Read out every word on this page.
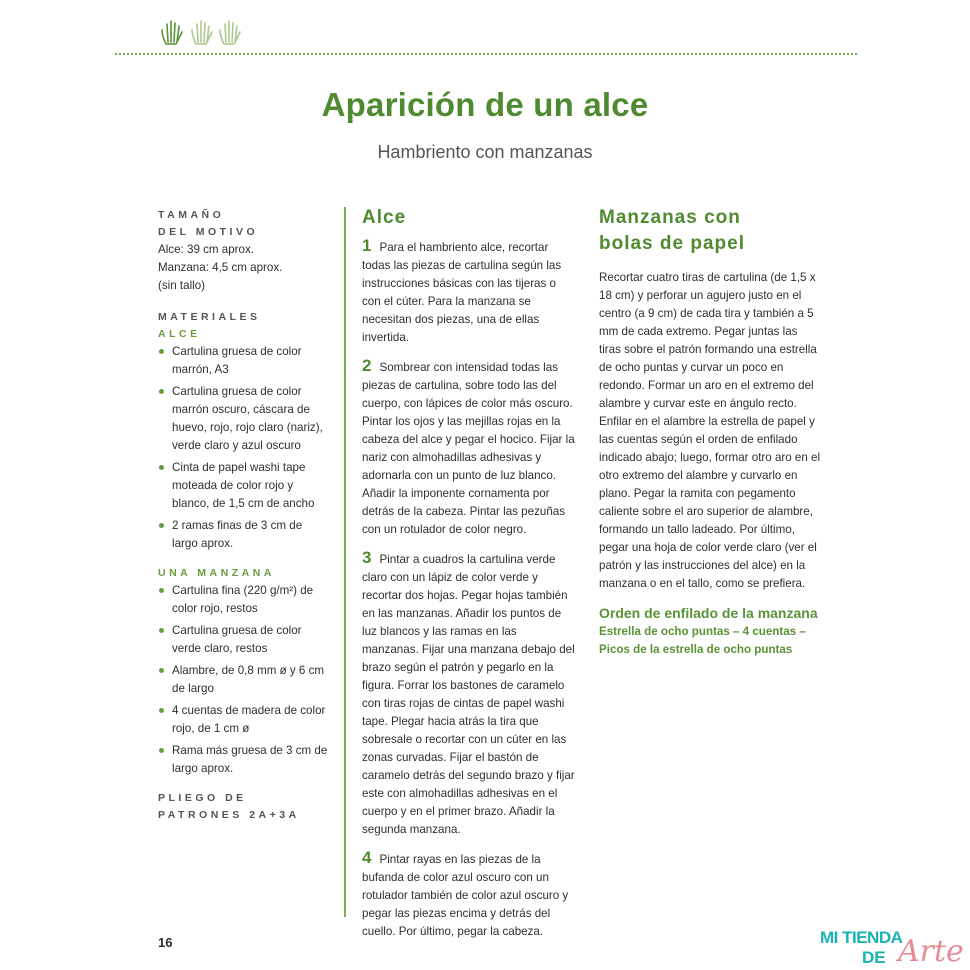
Aparición de un alce
Hambriento con manzanas
TAMAÑO
DEL MOTIVO
Alce: 39 cm aprox.
Manzana: 4,5 cm aprox.
(sin tallo)
MATERIALES
ALCE
Cartulina gruesa de color marrón, A3
Cartulina gruesa de color marrón oscuro, cáscara de huevo, rojo, rojo claro (nariz), verde claro y azul oscuro
Cinta de papel washi tape moteada de color rojo y blanco, de 1,5 cm de ancho
2 ramas finas de 3 cm de largo aprox.
UNA MANZANA
Cartulina fina (220 g/m²) de color rojo, restos
Cartulina gruesa de color verde claro, restos
Alambre, de 0,8 mm ø y 6 cm de largo
4 cuentas de madera de color rojo, de 1 cm ø
Rama más gruesa de 3 cm de largo aprox.
PLIEGO DE
PATRONES 2A+3A
Alce
1 Para el hambriento alce, recortar todas las piezas de cartulina según las instrucciones básicas con las tijeras o con el cúter. Para la manzana se necesitan dos piezas, una de ellas invertida.
2 Sombrear con intensidad todas las piezas de cartulina, sobre todo las del cuerpo, con lápices de color más oscuro. Pintar los ojos y las mejillas rojas en la cabeza del alce y pegar el hocico. Fijar la nariz con almohadillas adhesivas y adornarla con un punto de luz blanco. Añadir la imponente cornamenta por detrás de la cabeza. Pintar las pezuñas con un rotulador de color negro.
3 Pintar a cuadros la cartulina verde claro con un lápiz de color verde y recortar dos hojas. Pegar hojas también en las manzanas. Añadir los puntos de luz blancos y las ramas en las manzanas. Fijar una manzana debajo del brazo según el patrón y pegarlo en la figura. Forrar los bastones de caramelo con tiras rojas de cintas de papel washi tape. Plegar hacia atrás la tira que sobresale o recortar con un cúter en las zonas curvadas. Fijar el bastón de caramelo detrás del segundo brazo y fijar este con almohadillas adhesivas en el cuerpo y en el primer brazo. Añadir la segunda manzana.
4 Pintar rayas en las piezas de la bufanda de color azul oscuro con un rotulador también de color azul oscuro y pegar las piezas encima y detrás del cuello. Por último, pegar la cabeza.
Manzanas con
bolas de papel
Recortar cuatro tiras de cartulina (de 1,5 x 18 cm) y perforar un agujero justo en el centro (a 9 cm) de cada tira y también a 5 mm de cada extremo. Pegar juntas las tiras sobre el patrón formando una estrella de ocho puntas y curvar un poco en redondo. Formar un aro en el extremo del alambre y curvar este en ángulo recto. Enfilar en el alambre la estrella de papel y las cuentas según el orden de enfilado indicado abajo; luego, formar otro aro en el otro extremo del alambre y curvarlo en plano. Pegar la ramita con pegamento caliente sobre el aro superior de alambre, formando un tallo ladeado. Por último, pegar una hoja de color verde claro (ver el patrón y las instrucciones del alce) en la manzana o en el tallo, como se prefiera.
Orden de enfilado de la manzana
Estrella de ocho puntas – 4 cuentas –
Picos de la estrella de ocho puntas
16	MI TIENDA
DE Arte
